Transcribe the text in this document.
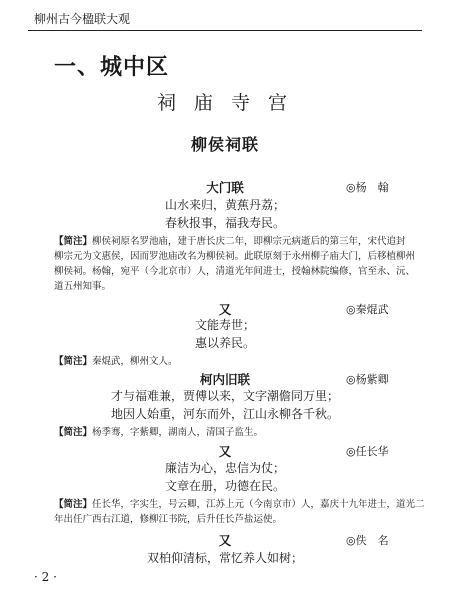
柳州古今楹联大观
一、城中区
祠 庙 寺 宫
柳侯祠联
大门联	◎杨　翰
山水来归，黄蕉丹荔；
春秋报事，福我寿民。
【简注】柳侯祠原名罗池庙，建于唐长庆二年，即柳宗元病逝后的第三年，宋代追封
柳宗元为文惠侯，因而罗池庙改名为柳侯祠。此联原刻于永州柳子庙大门，后移植柳州
柳侯祠。杨翰，宛平（今北京市）人，清道光年间进士，授翰林院编修，官至永、沅、
道五州知事。
又	◎秦焜武
文能寿世；
惠以养民。
【简注】秦焜武，柳州文人。
柯内旧联	◎杨紫卿
才与福难兼，贾傅以来，文字潮儋同万里；
地因人始重，河东而外，江山永柳各千秋。
【简注】杨季骞，字紫卿，湖南人，清国子监生。
又	◎任长华
廉洁为心，忠信为仗；
文章在册，功德在民。
【简注】任长华，字实生，号云卿，江苏上元（今南京市）人，嘉庆十九年进士，道光二
年出任广西右江道，修柳江书院，后升任长芦盐运使。
又	◎佚　名
双柏仰清标，常忆养人如树；
· 2 ·
